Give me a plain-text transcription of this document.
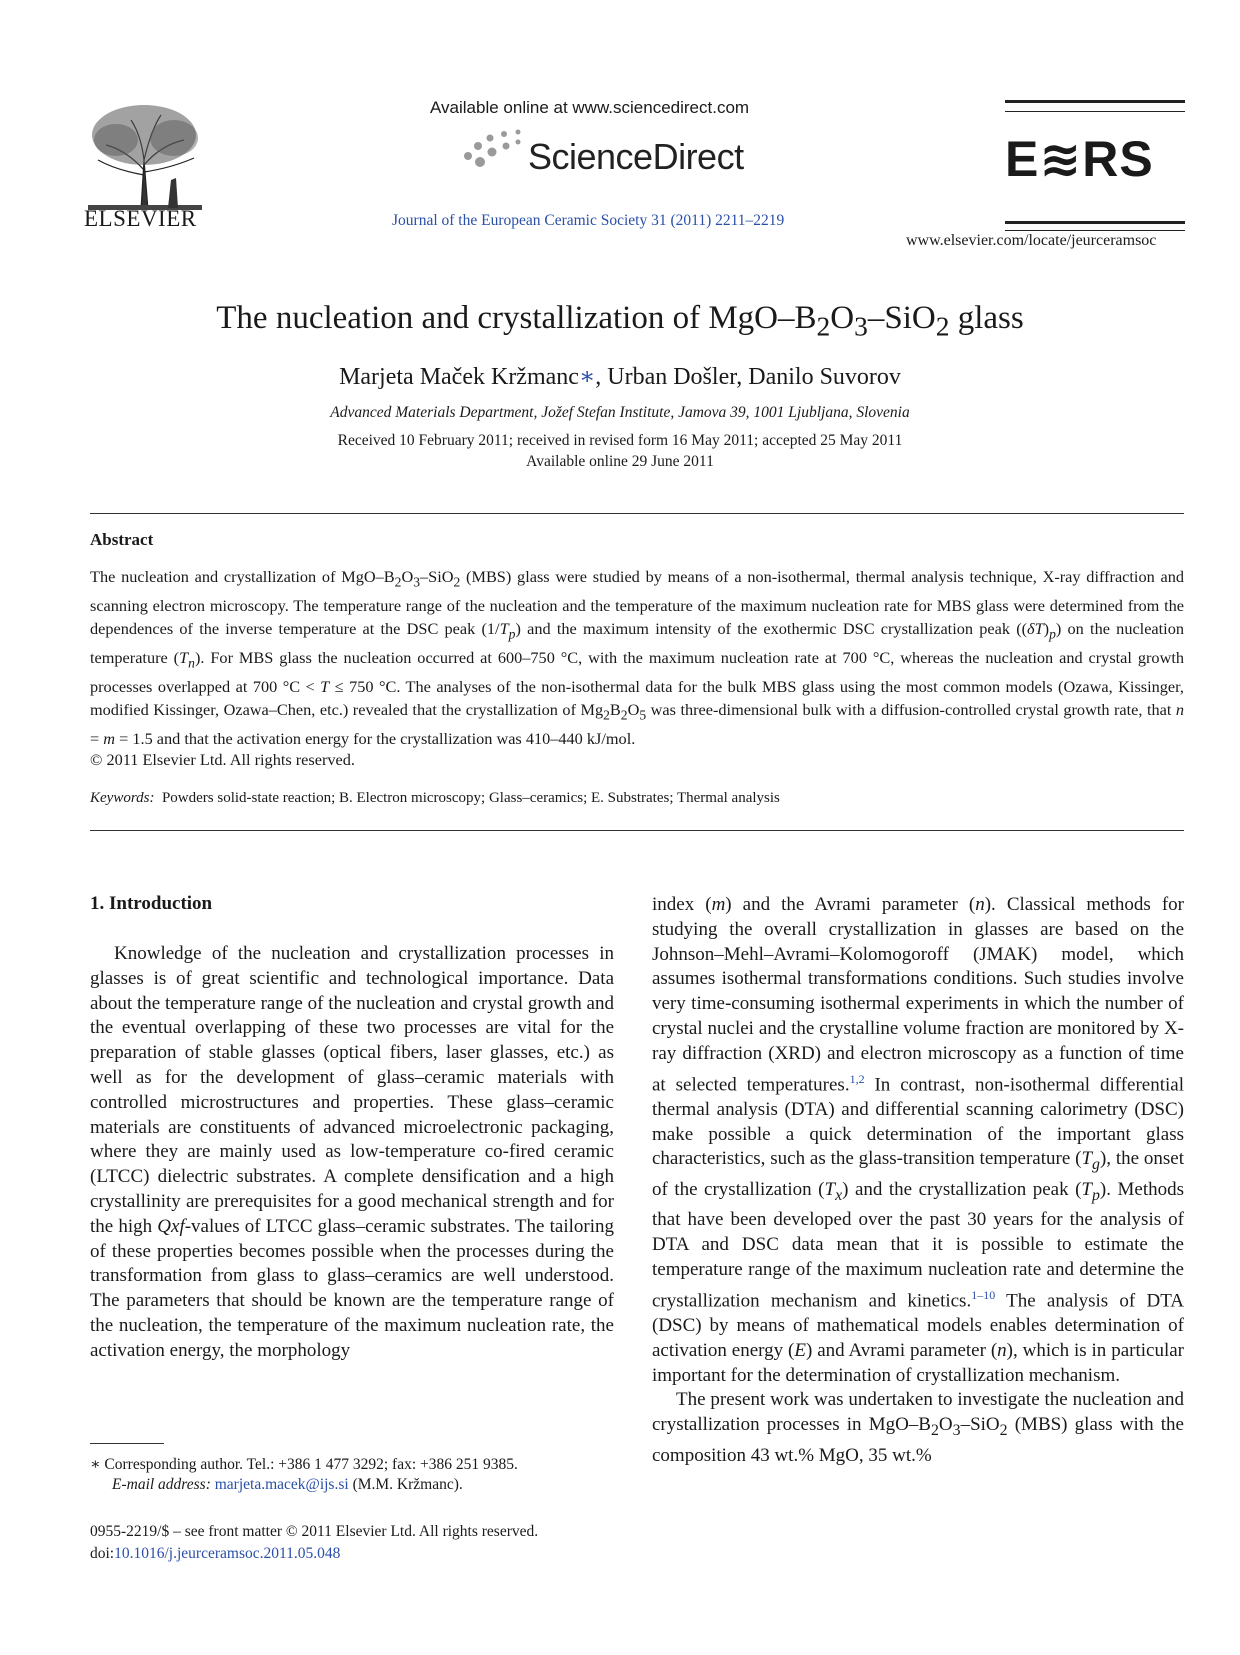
ELSEVIER
Available online at www.sciencedirect.com
ScienceDirect
Journal of the European Ceramic Society 31 (2011) 2211–2219
E≋RS
www.elsevier.com/locate/jeurceramsoc
The nucleation and crystallization of MgO–$B_2O_3-SiO_2$ glass
Marjeta Maček Kržmanc∗, Urban Došler, Danilo Suvorov
Advanced Materials Department, Jožef Stefan Institute, Jamova 39, 1001 Ljubljana, Slovenia
Received 10 February 2011; received in revised form 16 May 2011; accepted 25 May 2011
Available online 29 June 2011
Abstract
The nucleation and crystallization of MgO–$B_2O_3-SiO_2$ (MBS) glass were studied by means of a non-isothermal, thermal analysis technique, X-ray diffraction and scanning electron microscopy. The temperature range of the nucleation and the temperature of the maximum nucleation rate for MBS glass were determined from the dependences of the inverse temperature at the DSC peak $(1/T_p)$ and the maximum intensity of the exothermic DSC crystallization peak $((\delta T)_p)$ on the nucleation temperature $(T_n)$. For MBS glass the nucleation occurred at 600–750 °C, with the maximum nucleation rate at 700 °C, whereas the nucleation and crystal growth processes overlapped at 700 °C < T ≤ 750 °C. The analyses of the non-isothermal data for the bulk MBS glass using the most common models (Ozawa, Kissinger, modified Kissinger, Ozawa–Chen, etc.) revealed that the crystallization of $Mg_2B_2O_5$ was three-dimensional bulk with a diffusion-controlled crystal growth rate, that n = m = 1.5 and that the activation energy for the crystallization was 410–440 kJ/mol.
© 2011 Elsevier Ltd. All rights reserved.
Keywords: Powders solid-state reaction; B. Electron microscopy; Glass–ceramics; E. Substrates; Thermal analysis
1. Introduction

Knowledge of the nucleation and crystallization processes in glasses is of great scientific and technological importance. Data about the temperature range of the nucleation and crystal growth and the eventual overlapping of these two processes are vital for the preparation of stable glasses (optical fibers, laser glasses, etc.) as well as for the development of glass–ceramic materials with controlled microstructures and properties. These glass–ceramic materials are constituents of advanced microelectronic packaging, where they are mainly used as low-temperature co-fired ceramic (LTCC) dielectric substrates. A complete densification and a high crystallinity are prerequisites for a good mechanical strength and for the high Qxf-values of LTCC glass–ceramic substrates. The tailoring of these properties becomes possible when the processes during the transformation from glass to glass–ceramics are well understood. The parameters that should be known are the temperature range of the nucleation, the temperature of the maximum nucleation rate, the activation energy, the morphology

index (m) and the Avrami parameter (n). Classical methods for studying the overall crystallization in glasses are based on the Johnson–Mehl–Avrami–Kolomogoroff (JMAK) model, which assumes isothermal transformations conditions. Such studies involve very time-consuming isothermal experiments in which the number of crystal nuclei and the crystalline volume fraction are monitored by X-ray diffraction (XRD) and electron microscopy as a function of time at selected temperatures.$^{1,2}$ In contrast, non-isothermal differential thermal analysis (DTA) and differential scanning calorimetry (DSC) make possible a quick determination of the important glass characteristics, such as the glass-transition temperature $(T_g)$, the onset of the crystallization $(T_x)$ and the crystallization peak $(T_p)$. Methods that have been developed over the past 30 years for the analysis of DTA and DSC data mean that it is possible to estimate the temperature range of the maximum nucleation rate and determine the crystallization mechanism and kinetics.$^{1-10}$ The analysis of DTA (DSC) by means of mathematical models enables determination of activation energy (E) and Avrami parameter (n), which is in particular important for the determination of crystallization mechanism.

The present work was undertaken to investigate the nucleation and crystallization processes in MgO–$B_2O_3-SiO_2$ (MBS) glass with the composition 43 wt.% MgO, 35 wt.%

∗ Corresponding author. Tel.: +386 1 477 3292; fax: +386 251 9385.
E-mail address: marjeta.macek@ijs.si (M.M. Kržmanc).
0955-2219/$ – see front matter © 2011 Elsevier Ltd. All rights reserved.
doi:10.1016/j.jeurceramsoc.2011.05.048
